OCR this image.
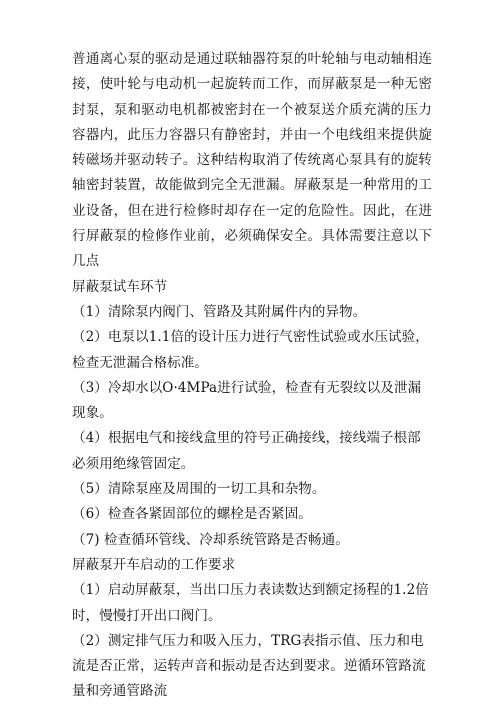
普通离心泵的驱动是通过联轴器符泵的叶轮轴与电动轴相连接，使叶轮与电动机一起旋转而工作，而屏蔽泵是一种无密封泵，泵和驱动电机都被密封在一个被泵送介质充满的压力容器内，此压力容器只有静密封，并由一个电线组来提供旋转磁场并驱动转子。这种结构取消了传统离心泵具有的旋转轴密封装置，故能做到完全无泄漏。屏蔽泵是一种常用的工业设备，但在进行检修时却存在一定的危险性。因此，在进行屏蔽泵的检修作业前，必须确保安全。具体需要注意以下几点

屏蔽泵试车环节

（1）清除泵内阀门、管路及其附属件内的异物。

（2）电泵以1.1倍的设计压力进行气密性试验或水压试验，

检查无泄漏合格标准。

（3）冷却水以O·4MPa进行试验，检查有无裂纹以及泄漏现象。

（4）根据电气和接线盒里的符号正确接线，接线端子根部必须用绝缘管固定。

（5）清除泵座及周围的一切工具和杂物。

（6）检查各紧固部位的螺栓是否紧固。

（7) 检查循环管线、冷却系统管路是否畅通。

屏蔽泵开车启动的工作要求

（1）启动屏蔽泵，当出口压力表读数达到额定扬程的1.2倍时，慢慢打开出口阀门。

（2）测定排气压力和吸入压力，TRG表指示值、压力和电流是否正常，运转声音和振动是否达到要求。逆循环管路流量和旁通管路流
